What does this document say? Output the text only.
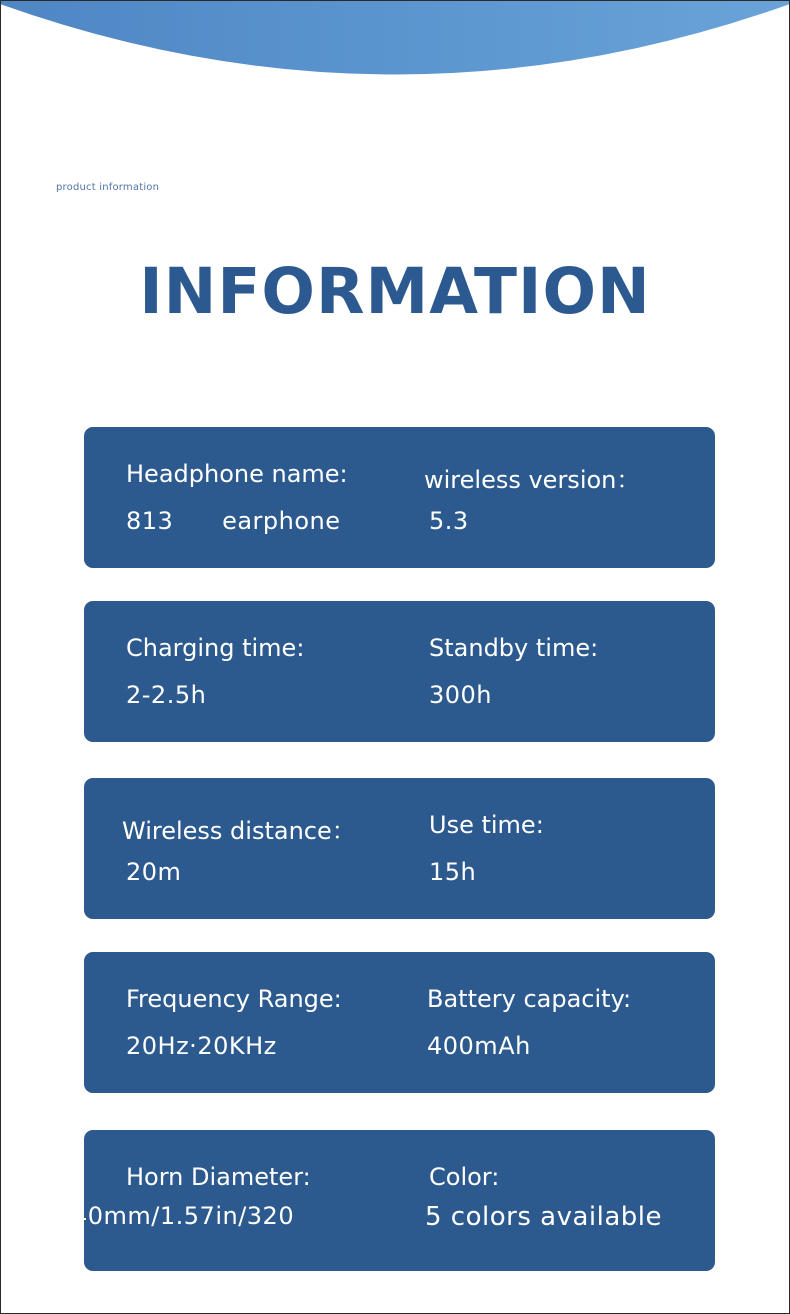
product information
INFORMATION
Headphone name:
813      earphone
wireless version：
5.3
Charging time:
2-2.5h
Standby time:
300h
Wireless distance：
20m
Use time:
15h
Frequency Range:
20Hz·20KHz
Battery capacity:
400mAh
Horn Diameter:
40mm/1.57in/320
Color:
5 colors available
